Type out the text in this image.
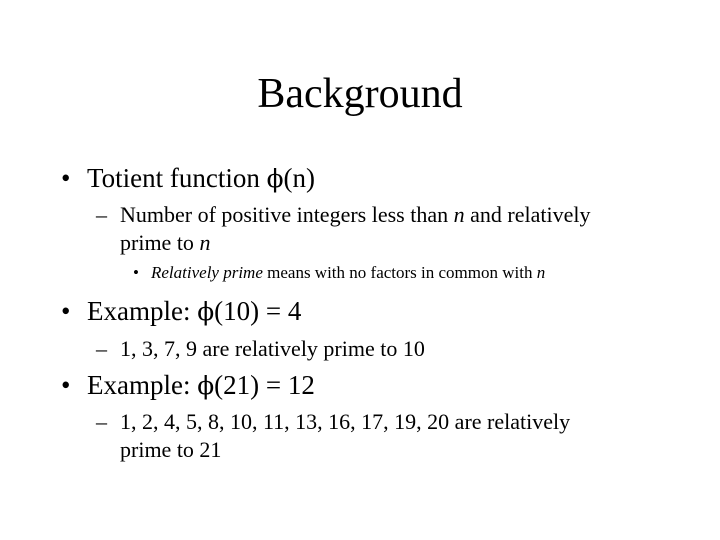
Background
• Totient function ϕ(n)
– Number of positive integers less than n and relatively
prime to n
• Relatively prime means with no factors in common with n
• Example: ϕ(10) = 4
– 1, 3, 7, 9 are relatively prime to 10
• Example: ϕ(21) = 12
– 1, 2, 4, 5, 8, 10, 11, 13, 16, 17, 19, 20 are relatively
prime to 21
